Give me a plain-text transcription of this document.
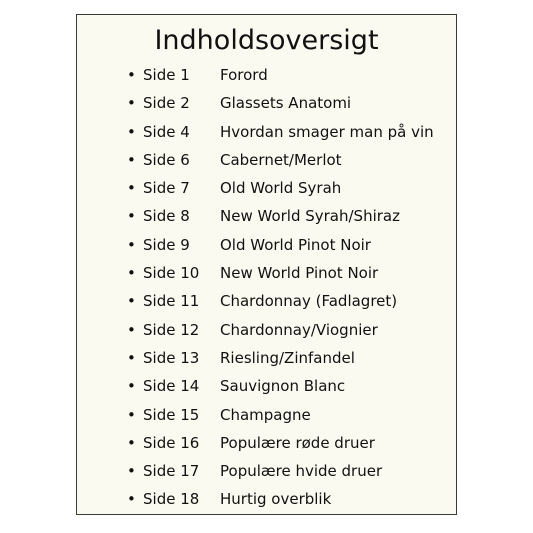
Indholdsoversigt
• Side 1 Forord
• Side 2 Glassets Anatomi
• Side 4 Hvordan smager man på vin
• Side 6 Cabernet/Merlot
• Side 7 Old World Syrah
• Side 8 New World Syrah/Shiraz
• Side 9 Old World Pinot Noir
• Side 10 New World Pinot Noir
• Side 11 Chardonnay (Fadlagret)
• Side 12 Chardonnay/Viognier
• Side 13 Riesling/Zinfandel
• Side 14 Sauvignon Blanc
• Side 15 Champagne
• Side 16 Populære røde druer
• Side 17 Populære hvide druer
• Side 18 Hurtig overblik
